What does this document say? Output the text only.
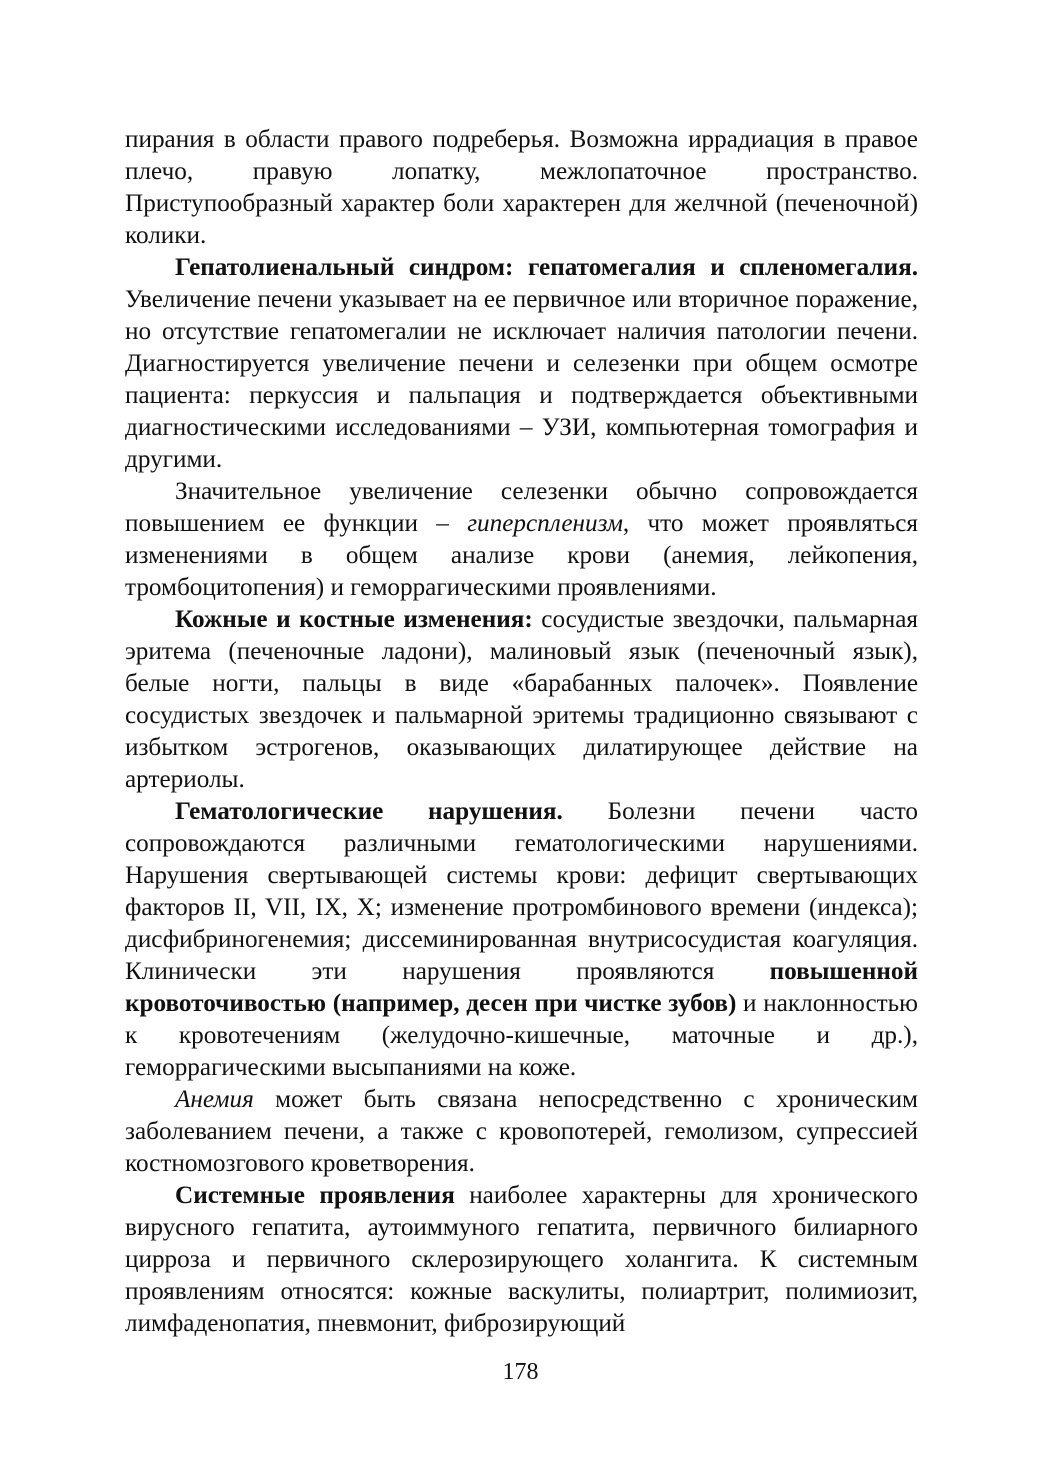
пирания в области правого подреберья. Возможна иррадиация в правое плечо, правую лопатку, межлопаточное пространство. Приступообразный характер боли характерен для желчной (печеночной) колики.

Гепатолиенальный синдром: гепатомегалия и спленомегалия. Увеличение печени указывает на ее первичное или вторичное поражение, но отсутствие гепатомегалии не исключает наличия патологии печени. Диагностируется увеличение печени и селезенки при общем осмотре пациента: перкуссия и пальпация и подтверждается объективными диагностическими исследованиями – УЗИ, компьютерная томография и другими.

Значительное увеличение селезенки обычно сопровождается повышением ее функции – гиперспленизм, что может проявляться изменениями в общем анализе крови (анемия, лейкопения, тромбоцитопения) и геморрагическими проявлениями.

Кожные и костные изменения: сосудистые звездочки, пальмарная эритема (печеночные ладони), малиновый язык (печеночный язык), белые ногти, пальцы в виде «барабанных палочек». Появление сосудистых звездочек и пальмарной эритемы традиционно связывают с избытком эстрогенов, оказывающих дилатирующее действие на артериолы.

Гематологические нарушения. Болезни печени часто сопровождаются различными гематологическими нарушениями. Нарушения свертывающей системы крови: дефицит свертывающих факторов II, VII, IX, X; изменение протромбинового времени (индекса); дисфибриногенемия; диссеминированная внутрисосудистая коагуляция. Клинически эти нарушения проявляются повышенной кровоточивостью (например, десен при чистке зубов) и наклонностью к кровотечениям (желудочно-кишечные, маточные и др.), геморрагическими высыпаниями на коже.

Анемия может быть связана непосредственно с хроническим заболеванием печени, а также с кровопотерей, гемолизом, супрессией костномозгового кроветворения.

Системные проявления наиболее характерны для хронического вирусного гепатита, аутоиммуного гепатита, первичного билиарного цирроза и первичного склерозирующего холангита. К системным проявлениям относятся: кожные васкулиты, полиартрит, полимиозит, лимфаденопатия, пневмонит, фиброзирующий

178
